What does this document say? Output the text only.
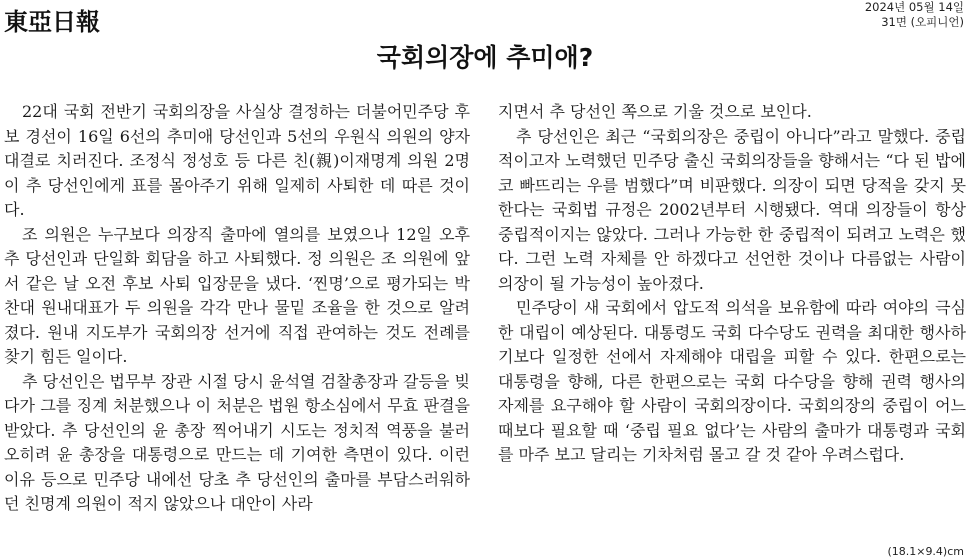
東亞日報	2024년 05월 14일
31면 (오피니언)
국회의장에 추미애?

22대 국회 전반기 국회의장을 사실상 결정하는 더불어민주당 후보 경선이 16일 6선의 추미애 당선인과 5선의 우원식 의원의 양자 대결로 치러진다. 조정식 정성호 등 다른 친(親)이재명계 의원 2명이 추 당선인에게 표를 몰아주기 위해 일제히 사퇴한 데 따른 것이다.

조 의원은 누구보다 의장직 출마에 열의를 보였으나 12일 오후 추 당선인과 단일화 회담을 하고 사퇴했다. 정 의원은 조 의원에 앞서 같은 날 오전 후보 사퇴 입장문을 냈다. ‘찐명’으로 평가되는 박찬대 원내대표가 두 의원을 각각 만나 물밑 조율을 한 것으로 알려졌다. 원내 지도부가 국회의장 선거에 직접 관여하는 것도 전례를 찾기 힘든 일이다.

추 당선인은 법무부 장관 시절 당시 윤석열 검찰총장과 갈등을 빚다가 그를 징계 처분했으나 이 처분은 법원 항소심에서 무효 판결을 받았다. 추 당선인의 윤 총장 찍어내기 시도는 정치적 역풍을 불러 오히려 윤 총장을 대통령으로 만드는 데 기여한 측면이 있다. 이런 이유 등으로 민주당 내에선 당초 추 당선인의 출마를 부담스러워하던 친명계 의원이 적지 않았으나 대안이 사라

지면서 추 당선인 쪽으로 기울 것으로 보인다.

추 당선인은 최근 “국회의장은 중립이 아니다”라고 말했다. 중립적이고자 노력했던 민주당 출신 국회의장들을 향해서는 “다 된 밥에 코 빠뜨리는 우를 범했다”며 비판했다. 의장이 되면 당적을 갖지 못한다는 국회법 규정은 2002년부터 시행됐다. 역대 의장들이 항상 중립적이지는 않았다. 그러나 가능한 한 중립적이 되려고 노력은 했다. 그런 노력 자체를 안 하겠다고 선언한 것이나 다름없는 사람이 의장이 될 가능성이 높아졌다.

민주당이 새 국회에서 압도적 의석을 보유함에 따라 여야의 극심한 대립이 예상된다. 대통령도 국회 다수당도 권력을 최대한 행사하기보다 일정한 선에서 자제해야 대립을 피할 수 있다. 한편으로는 대통령을 향해, 다른 한편으로는 국회 다수당을 향해 권력 행사의 자제를 요구해야 할 사람이 국회의장이다. 국회의장의 중립이 어느 때보다 필요할 때 ‘중립 필요 없다’는 사람의 출마가 대통령과 국회를 마주 보고 달리는 기차처럼 몰고 갈 것 같아 우려스럽다.

(18.1×9.4)cm
